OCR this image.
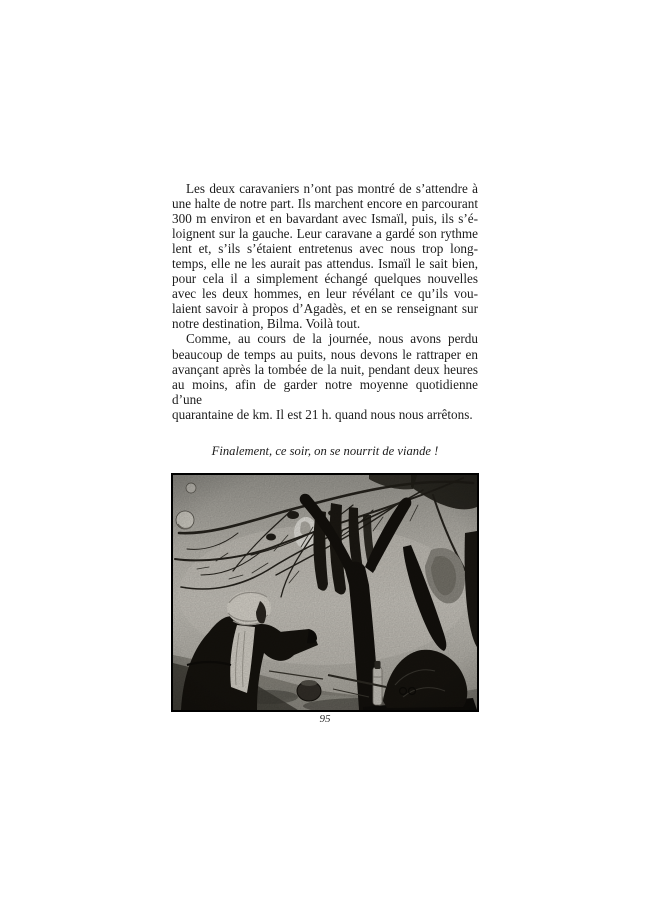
Les deux caravaniers n’ont pas montré de s’attendre à
une halte de notre part. Ils marchent encore en parcourant
300 m environ et en bavardant avec Ismaïl, puis, ils s’é-
loignent sur la gauche. Leur caravane a gardé son rythme
lent et, s’ils s’étaient entretenus avec nous trop long-
temps, elle ne les aurait pas attendus. Ismaïl le sait bien,
pour cela il a simplement échangé quelques nouvelles
avec les deux hommes, en leur révélant ce qu’ils vou-
laient savoir à propos d’Agadès, et en se renseignant sur
notre destination, Bilma. Voilà tout.
Comme, au cours de la journée, nous avons perdu
beaucoup de temps au puits, nous devons le rattraper en
avançant après la tombée de la nuit, pendant deux heures
au moins, afin de garder notre moyenne quotidienne d’une
quarantaine de km. Il est 21 h. quand nous nous arrêtons.
Finalement, ce soir, on se nourrit de viande !
95
